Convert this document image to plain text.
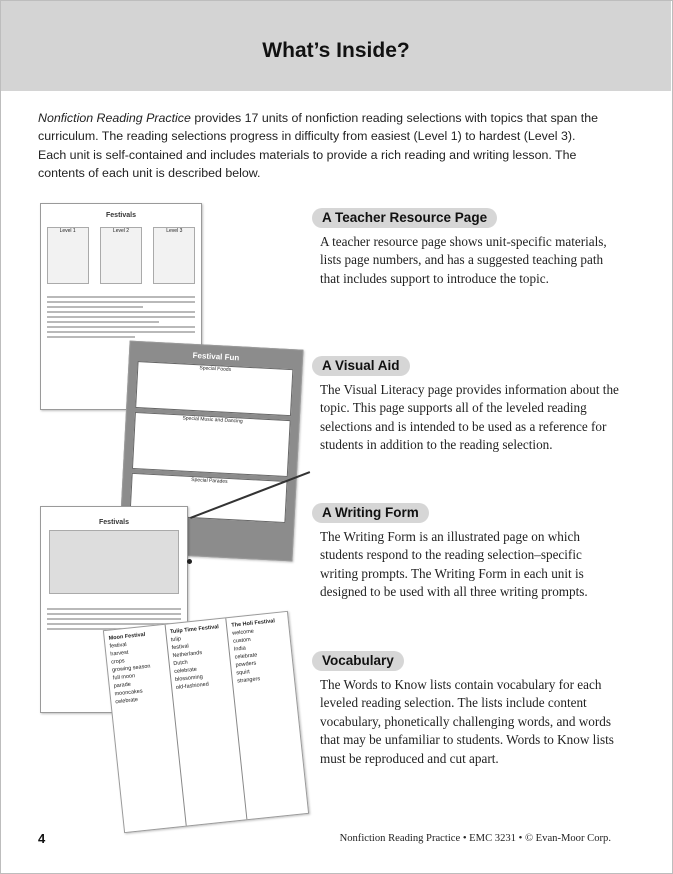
What’s Inside?

Nonfiction Reading Practice provides 17 units of nonfiction reading selections with topics that span the curriculum. The reading selections progress in difficulty from easiest (Level 1) to hardest (Level 3). Each unit is self-contained and includes materials to provide a rich reading and writing lesson. The contents of each unit is described below.

Festivals
Level 1	Level 2	Level 3
Festival Fun
Special Foods
Special Music and Dancing
Special Parades
Festivals
Moon Festival
festival
harvest
crops
growing season
full moon
parade
mooncakes
celebrate
Tulip Time Festival
tulip
festival
Netherlands
Dutch
celebrate
blossoming
old-fashioned
The Holi Festival
welcome
custom
India
celebrate
powders
squirt
strangers
A Teacher Resource Page

A teacher resource page shows unit-specific materials, lists page numbers, and has a suggested teaching path that includes support to introduce the topic.

A Visual Aid

The Visual Literacy page provides information about the topic. This page supports all of the leveled reading selections and is intended to be used as a reference for students in addition to the reading selection.

A Writing Form

The Writing Form is an illustrated page on which students respond to the reading selection–specific writing prompts. The Writing Form in each unit is designed to be used with all three writing prompts.

Vocabulary

The Words to Know lists contain vocabulary for each leveled reading selection. The lists include content vocabulary, phonetically challenging words, and words that may be unfamiliar to students. Words to Know lists must be reproduced and cut apart.

4	Nonfiction Reading Practice • EMC 3231 • © Evan-Moor Corp.
